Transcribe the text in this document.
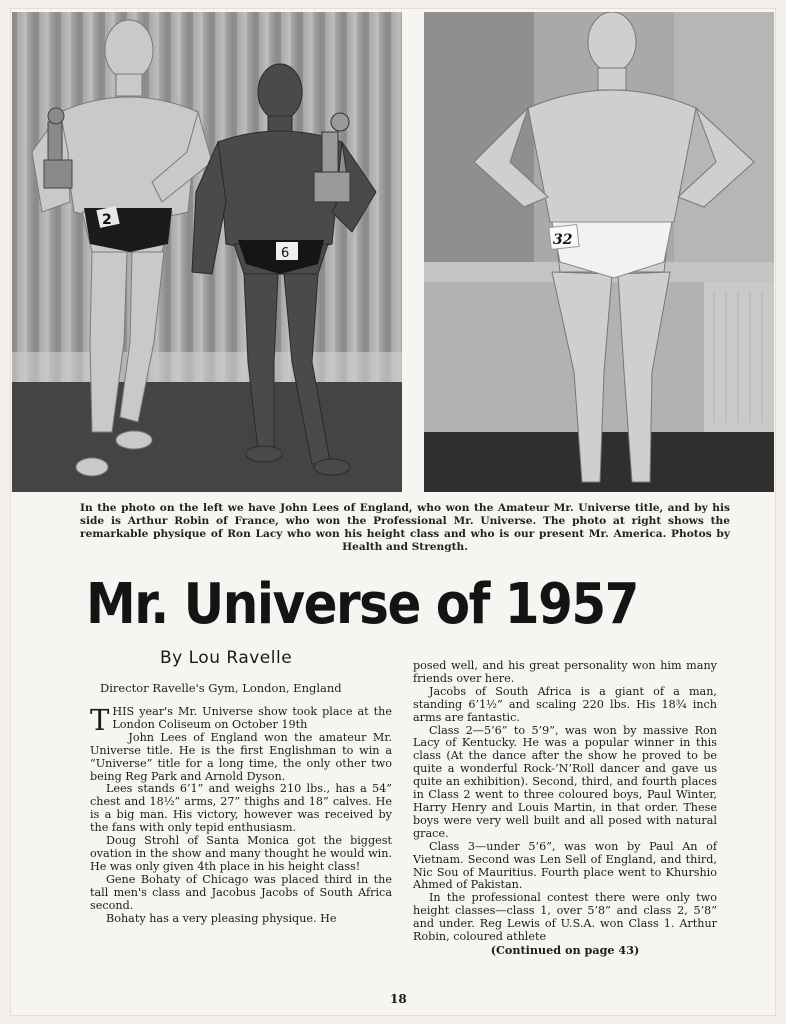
2
6
32
In the photo on the left we have John Lees of England, who won the Amateur Mr. Universe title, and by his side is Arthur Robin of France, who won the Professional Mr. Universe. The photo at right shows the remarkable physique of Ron Lacy who won his height class and who is our present Mr. America. Photos by Health and Strength.
Mr. Universe of 1957
By Lou Ravelle
Director Ravelle's Gym, London, England

THIS year's Mr. Universe show took place at the London Coliseum on October 19th

John Lees of England won the amateur Mr. Universe title. He is the first Englishman to win a “Universe” title for a long time, the only other two being Reg Park and Arnold Dyson.

Lees stands 6’1” and weighs 210 lbs., has a 54” chest and 18½” arms, 27” thighs and 18” calves. He is a big man. His victory, however was received by the fans with only tepid enthusiasm.

Doug Strohl of Santa Monica got the biggest ovation in the show and many thought he would win. He was only given 4th place in his height class!

Gene Bohaty of Chicago was placed third in the tall men's class and Jacobus Jacobs of South Africa second.

Bohaty has a very pleasing physique. He

posed well, and his great personality won him many friends over here.

Jacobs of South Africa is a giant of a man, standing 6’1½” and scaling 220 lbs. His 18¾ inch arms are fantastic.

Class 2—5’6” to 5’9”, was won by massive Ron Lacy of Kentucky. He was a popular winner in this class (At the dance after the show he proved to be quite a wonderful Rock-’N’Roll dancer and gave us quite an exhibition). Second, third, and fourth places in Class 2 went to three coloured boys, Paul Winter, Harry Henry and Louis Martin, in that order. These boys were very well built and all posed with natural grace.

Class 3—under 5’6”, was won by Paul An of Vietnam. Second was Len Sell of England, and third, Nic Sou of Mauritius. Fourth place went to Khurshio Ahmed of Pakistan.

In the professional contest there were only two height classes—class 1, over 5’8” and class 2, 5’8” and under. Reg Lewis of U.S.A. won Class 1. Arthur Robin, coloured athlete

(Continued on page 43)

18
